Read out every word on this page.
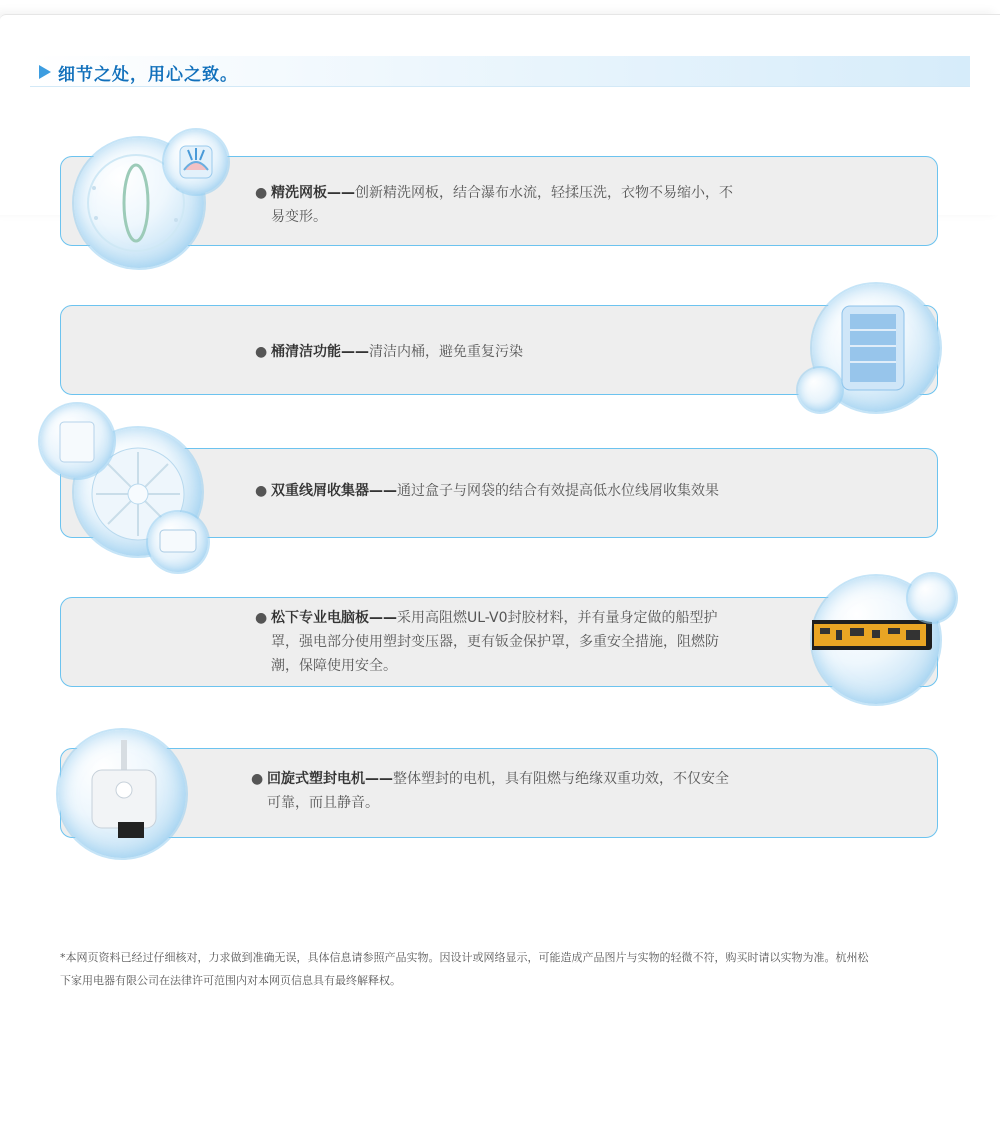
细节之处，用心之致。
● 精洗网板——创新精洗网板，结合瀑布水流，轻揉压洗，衣物不易缩小，不
易变形。
● 桶清洁功能——清洁内桶，避免重复污染
● 双重线屑收集器——通过盒子与网袋的结合有效提高低水位线屑收集效果
● 松下专业电脑板——采用高阻燃UL-V0封胶材料，并有量身定做的船型护
罩，强电部分使用塑封变压器，更有钣金保护罩，多重安全措施，阻燃防
潮，保障使用安全。
● 回旋式塑封电机——整体塑封的电机，具有阻燃与绝缘双重功效，不仅安全
可靠，而且静音。
*本网页资料已经过仔细核对，力求做到准确无误，具体信息请参照产品实物。因设计或网络显示，可能造成产品图片与实物的轻微不符，购买时请以实物为准。杭州松
下家用电器有限公司在法律许可范围内对本网页信息具有最终解释权。
